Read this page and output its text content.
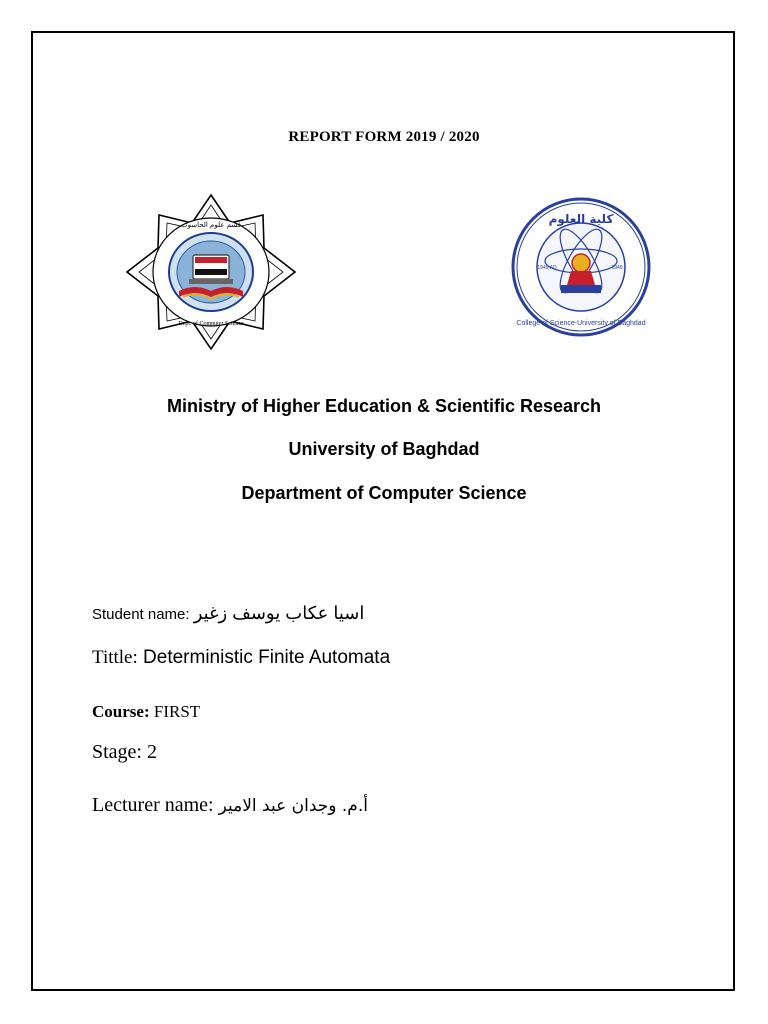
REPORT FORM 2019 / 2020
قسم علوم الحاسوب
Dept. of Computer Science
كلية العلوم
College of Science-University of Baghdad
1949 AD	1949
Ministry of Higher Education & Scientific Research
University of Baghdad
Department of Computer Science
Student name: اسيا عكاب يوسف زغير
Tittle: Deterministic Finite Automata
Course: FIRST
Stage: 2
Lecturer name: أ.م. وجدان عبد الامير
